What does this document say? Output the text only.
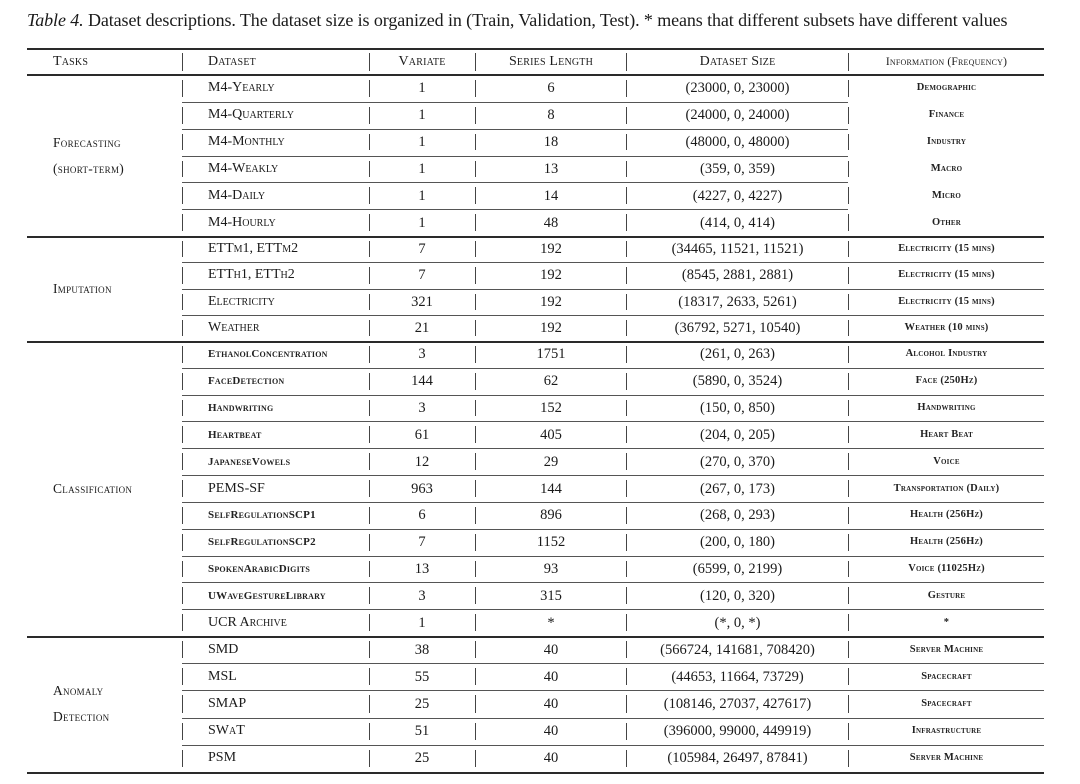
Table 4. Dataset descriptions. The dataset size is organized in (Train, Validation, Test). * means that different subsets have different values
Tasks	Dataset	Variate	Series Length	Dataset Size	Information (Frequency)
Forecasting
(short-term)
M4-Yearly	1	6	(23000, 0, 23000)	Demographic
M4-Quarterly	1	8	(24000, 0, 24000)	Finance
M4-Monthly	1	18	(48000, 0, 48000)	Industry
M4-Weakly	1	13	(359, 0, 359)	Macro
M4-Daily	1	14	(4227, 0, 4227)	Micro
M4-Hourly	1	48	(414, 0, 414)	Other
Imputation
ETTm1, ETTm2	7	192	(34465, 11521, 11521)	Electricity (15 mins)
ETTh1, ETTh2	7	192	(8545, 2881, 2881)	Electricity (15 mins)
Electricity	321	192	(18317, 2633, 5261)	Electricity (15 mins)
Weather	21	192	(36792, 5271, 10540)	Weather (10 mins)
Classification
EthanolConcentration	3	1751	(261, 0, 263)	Alcohol Industry
FaceDetection	144	62	(5890, 0, 3524)	Face (250Hz)
Handwriting	3	152	(150, 0, 850)	Handwriting
Heartbeat	61	405	(204, 0, 205)	Heart Beat
JapaneseVowels	12	29	(270, 0, 370)	Voice
PEMS-SF	963	144	(267, 0, 173)	Transportation (Daily)
SelfRegulationSCP1	6	896	(268, 0, 293)	Health (256Hz)
SelfRegulationSCP2	7	1152	(200, 0, 180)	Health (256Hz)
SpokenArabicDigits	13	93	(6599, 0, 2199)	Voice (11025Hz)
UWaveGestureLibrary	3	315	(120, 0, 320)	Gesture
UCR Archive	1	*	(*, 0, *)	*
Anomaly
Detection
SMD	38	40	(566724, 141681, 708420)	Server Machine
MSL	55	40	(44653, 11664, 73729)	Spacecraft
SMAP	25	40	(108146, 27037, 427617)	Spacecraft
SWaT	51	40	(396000, 99000, 449919)	Infrastructure
PSM	25	40	(105984, 26497, 87841)	Server Machine
